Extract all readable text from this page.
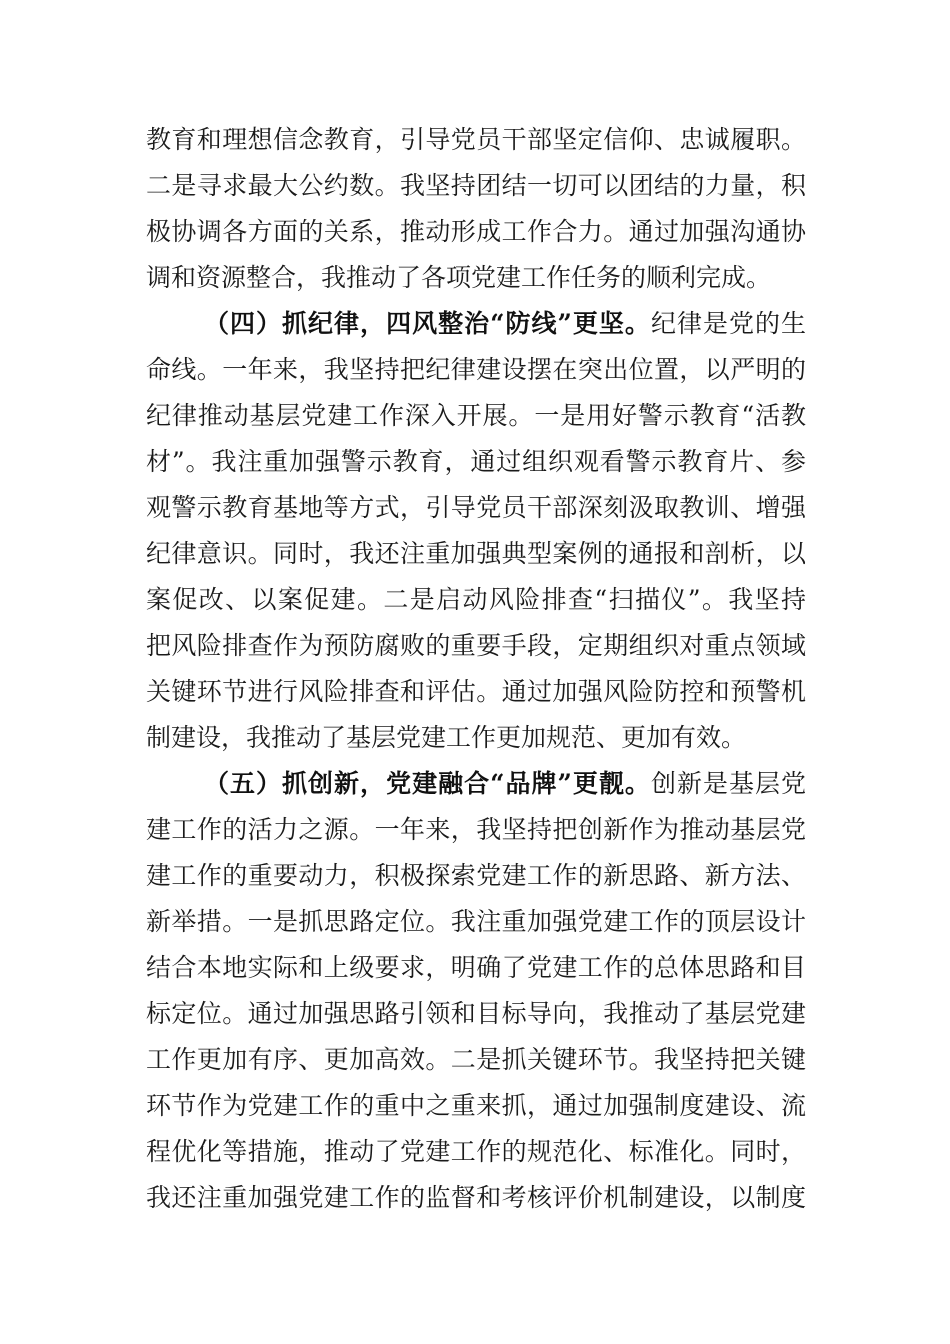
教育和理想信念教育，引导党员干部坚定信仰、忠诚履职。
二是寻求最大公约数。我坚持团结一切可以团结的力量，积
极协调各方面的关系，推动形成工作合力。通过加强沟通协
调和资源整合，我推动了各项党建工作任务的顺利完成。
（四）抓纪律，四风整治“防线”更坚。纪律是党的生
命线。一年来，我坚持把纪律建设摆在突出位置，以严明的
纪律推动基层党建工作深入开展。一是用好警示教育“活教
材”。我注重加强警示教育，通过组织观看警示教育片、参
观警示教育基地等方式，引导党员干部深刻汲取教训、增强
纪律意识。同时，我还注重加强典型案例的通报和剖析，以
案促改、以案促建。二是启动风险排查“扫描仪”。我坚持
把风险排查作为预防腐败的重要手段，定期组织对重点领域
关键环节进行风险排查和评估。通过加强风险防控和预警机
制建设，我推动了基层党建工作更加规范、更加有效。
（五）抓创新，党建融合“品牌”更靓。创新是基层党
建工作的活力之源。一年来，我坚持把创新作为推动基层党
建工作的重要动力，积极探索党建工作的新思路、新方法、
新举措。一是抓思路定位。我注重加强党建工作的顶层设计
结合本地实际和上级要求，明确了党建工作的总体思路和目
标定位。通过加强思路引领和目标导向，我推动了基层党建
工作更加有序、更加高效。二是抓关键环节。我坚持把关键
环节作为党建工作的重中之重来抓，通过加强制度建设、流
程优化等措施，推动了党建工作的规范化、标准化。同时，
我还注重加强党建工作的监督和考核评价机制建设，以制度
